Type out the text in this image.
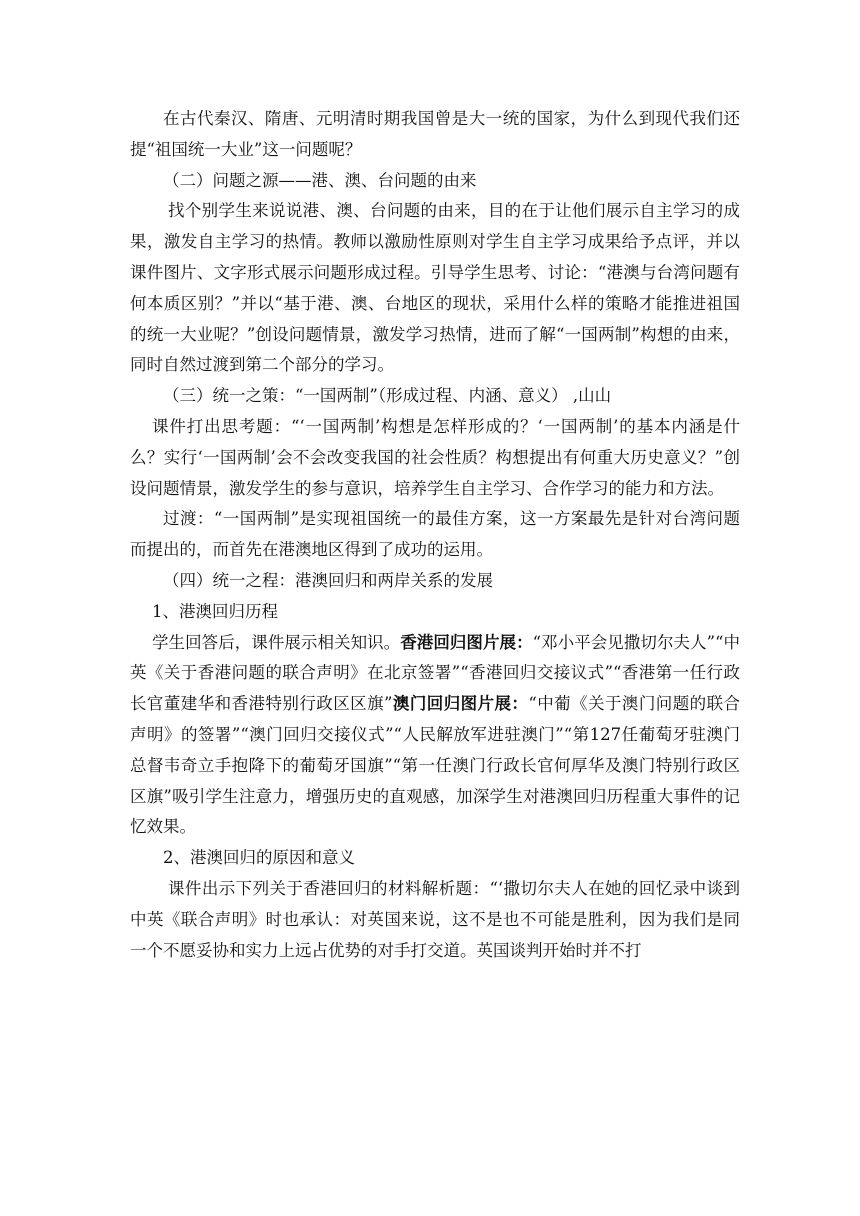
在古代秦汉、隋唐、元明清时期我国曾是大一统的国家，为什么到现代我们还提“祖国统一大业”这一问题呢？

（二）问题之源——港、澳、台问题的由来

找个别学生来说说港、澳、台问题的由来，目的在于让他们展示自主学习的成果，激发自主学习的热情。教师以激励性原则对学生自主学习成果给予点评，并以课件图片、文字形式展示问题形成过程。引导学生思考、讨论：“港澳与台湾问题有何本质区别？”并以“基于港、澳、台地区的现状，采用什么样的策略才能推进祖国的统一大业呢？”创设问题情景，激发学习热情，进而了解“一国两制”构想的由来，同时自然过渡到第二个部分的学习。

（三）统一之策：“一国两制”（形成过程、内涵、意义） ,山山

课件打出思考题：“‘一国两制’构想是怎样形成的？‘一国两制’的基本内涵是什么？实行‘一国两制’会不会改变我国的社会性质？构想提出有何重大历史意义？”创设问题情景，激发学生的参与意识，培养学生自主学习、合作学习的能力和方法。

过渡：“一国两制”是实现祖国统一的最佳方案，这一方案最先是针对台湾问题而提出的，而首先在港澳地区得到了成功的运用。

（四）统一之程：港澳回归和两岸关系的发展

1、港澳回归历程

学生回答后，课件展示相关知识。香港回归图片展：“邓小平会见撒切尔夫人”“中英《关于香港问题的联合声明》在北京签署”“香港回归交接议式”“香港第一任行政长官董建华和香港特别行政区区旗”澳门回归图片展：“中葡《关于澳门问题的联合声明》的签署”“澳门回归交接仪式”“人民解放军进驻澳门”“第127任葡萄牙驻澳门总督韦奇立手抱降下的葡萄牙国旗”“第一任澳门行政长官何厚华及澳门特别行政区区旗”吸引学生注意力，增强历史的直观感，加深学生对港澳回归历程重大事件的记忆效果。

2、港澳回归的原因和意义

课件出示下列关于香港回归的材料解析题：“‘撒切尔夫人在她的回忆录中谈到中英《联合声明》时也承认：对英国来说，这不是也不可能是胜利，因为我们是同一个不愿妥协和实力上远占优势的对手打交道。英国谈判开始时并不打
